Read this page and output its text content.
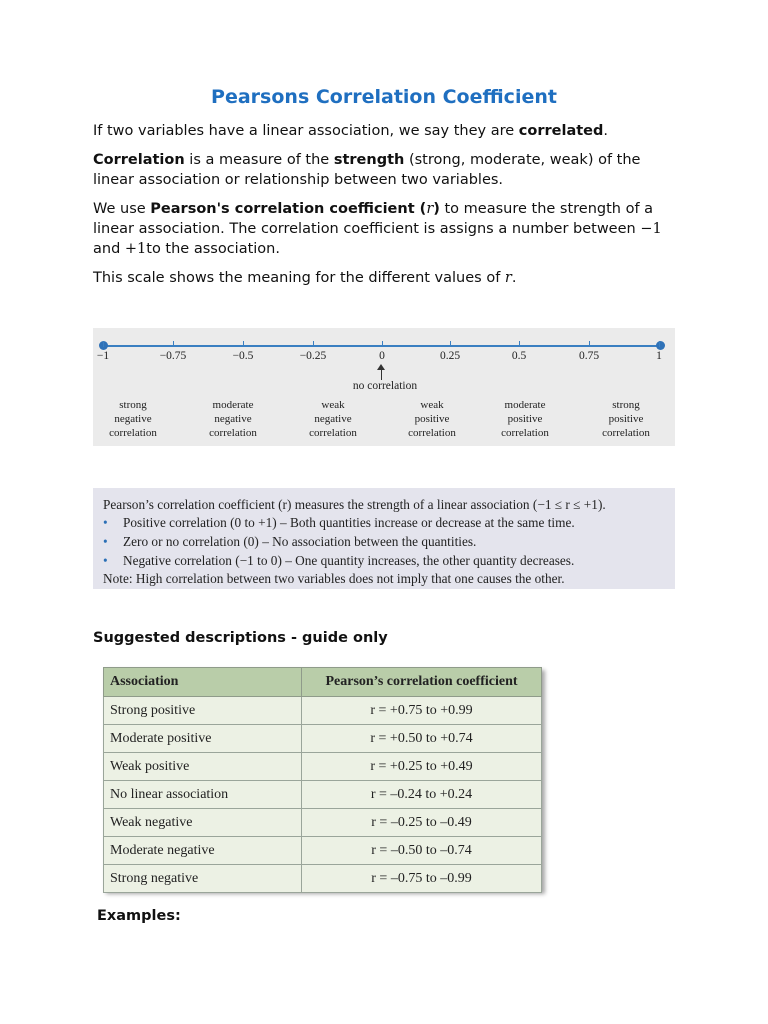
Pearsons Correlation Coefficient
If two variables have a linear association, we say they are correlated.
Correlation is a measure of the strength (strong, moderate, weak) of the linear association or relationship between two variables.
We use Pearson's correlation coefficient (r) to measure the strength of a linear association. The correlation coefficient is assigns a number between −1 and +1to the association.
This scale shows the meaning for the different values of r.
−1	−0.75	−0.5	−0.25	0	0.25	0.5	0.75	1
no correlation
strong
negative
correlation
moderate
negative
correlation
weak
negative
correlation
weak
positive
correlation
moderate
positive
correlation
strong
positive
correlation
Pearson’s correlation coefficient (r) measures the strength of a linear association (−1 ≤ r ≤ +1).
• Positive correlation (0 to +1) – Both quantities increase or decrease at the same time.
• Zero or no correlation (0) – No association between the quantities.
• Negative correlation (−1 to 0) – One quantity increases, the other quantity decreases.
Note: High correlation between two variables does not imply that one causes the other.
Suggested descriptions - guide only
Association	Pearson’s correlation coefficient
Strong positive	r = +0.75 to +0.99
Moderate positive	r = +0.50 to +0.74
Weak positive	r = +0.25 to +0.49
No linear association	r = –0.24 to +0.24
Weak negative	r = –0.25 to –0.49
Moderate negative	r = –0.50 to –0.74
Strong negative	r = –0.75 to –0.99
Examples:
